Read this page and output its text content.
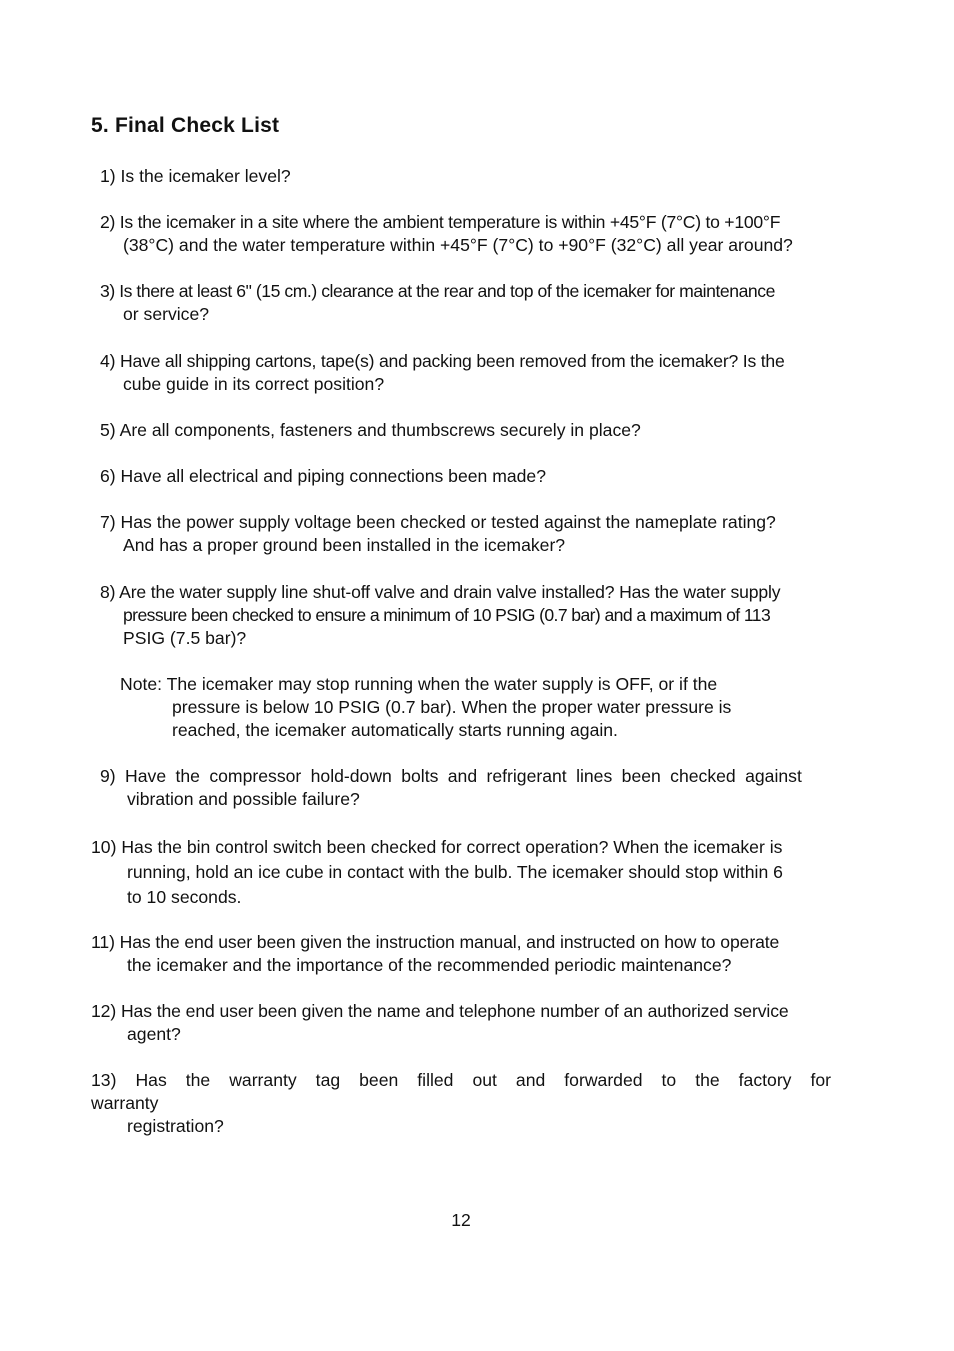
5. Final Check List
1) Is the icemaker level?
2) Is the icemaker in a site where the ambient temperature is within +45°F (7°C) to +100°F
(38°C) and the water temperature within +45°F (7°C) to +90°F (32°C) all year around?
3) Is there at least 6" (15 cm.) clearance at the rear and top of the icemaker for maintenance
or service?
4) Have all shipping cartons, tape(s) and packing been removed from the icemaker? Is the
cube guide in its correct position?
5) Are all components, fasteners and thumbscrews securely in place?
6) Have all electrical and piping connections been made?
7) Has the power supply voltage been checked or tested against the nameplate rating?
And has a proper ground been installed in the icemaker?
8) Are the water supply line shut-off valve and drain valve installed? Has the water supply
pressure been checked to ensure a minimum of 10 PSIG (0.7 bar) and a maximum of 113
PSIG (7.5 bar)?
Note: The icemaker may stop running when the water supply is OFF, or if the
pressure is below 10 PSIG (0.7 bar). When the proper water pressure is
reached, the icemaker automatically starts running again.
9) Have the compressor hold-down bolts and refrigerant lines been checked against
vibration and possible failure?
10) Has the bin control switch been checked for correct operation? When the icemaker is
running, hold an ice cube in contact with the bulb. The icemaker should stop within 6
to 10 seconds.
11) Has the end user been given the instruction manual, and instructed on how to operate
the icemaker and the importance of the recommended periodic maintenance?
12) Has the end user been given the name and telephone number of an authorized service
agent?
13) Has the warranty tag been filled out and forwarded to the factory for warranty
registration?
12
